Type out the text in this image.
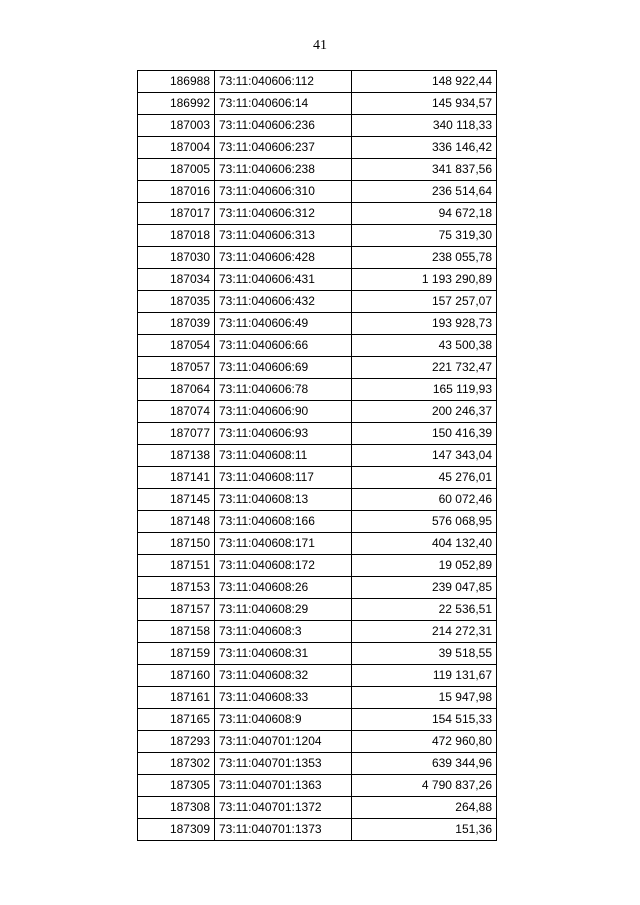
41
186988	73:11:040606:112	148 922,44
186992	73:11:040606:14	145 934,57
187003	73:11:040606:236	340 118,33
187004	73:11:040606:237	336 146,42
187005	73:11:040606:238	341 837,56
187016	73:11:040606:310	236 514,64
187017	73:11:040606:312	94 672,18
187018	73:11:040606:313	75 319,30
187030	73:11:040606:428	238 055,78
187034	73:11:040606:431	1 193 290,89
187035	73:11:040606:432	157 257,07
187039	73:11:040606:49	193 928,73
187054	73:11:040606:66	43 500,38
187057	73:11:040606:69	221 732,47
187064	73:11:040606:78	165 119,93
187074	73:11:040606:90	200 246,37
187077	73:11:040606:93	150 416,39
187138	73:11:040608:11	147 343,04
187141	73:11:040608:117	45 276,01
187145	73:11:040608:13	60 072,46
187148	73:11:040608:166	576 068,95
187150	73:11:040608:171	404 132,40
187151	73:11:040608:172	19 052,89
187153	73:11:040608:26	239 047,85
187157	73:11:040608:29	22 536,51
187158	73:11:040608:3	214 272,31
187159	73:11:040608:31	39 518,55
187160	73:11:040608:32	119 131,67
187161	73:11:040608:33	15 947,98
187165	73:11:040608:9	154 515,33
187293	73:11:040701:1204	472 960,80
187302	73:11:040701:1353	639 344,96
187305	73:11:040701:1363	4 790 837,26
187308	73:11:040701:1372	264,88
187309	73:11:040701:1373	151,36
